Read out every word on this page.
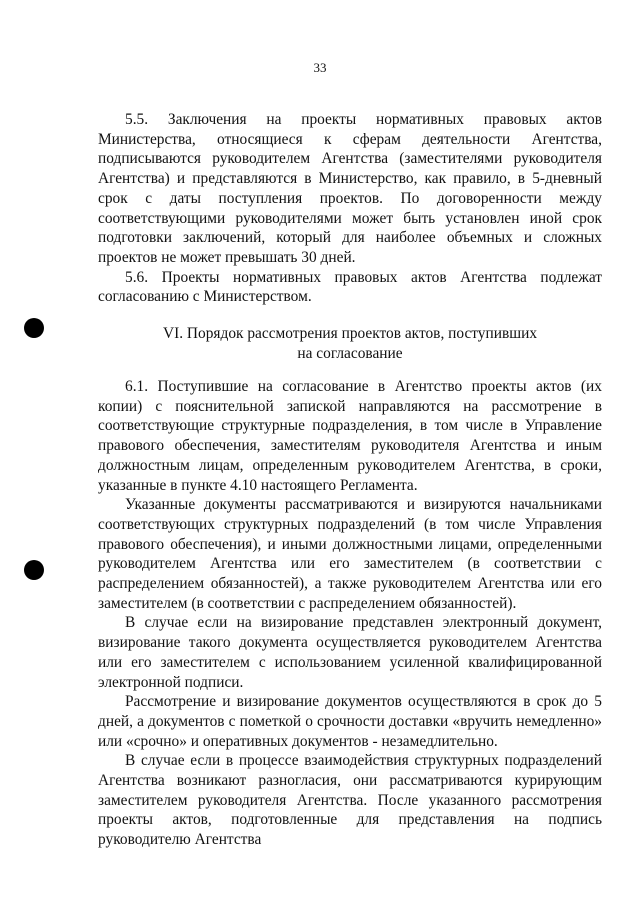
33

5.5. Заключения на проекты нормативных правовых актов Министерства, относящиеся к сферам деятельности Агентства, подписываются руководителем Агентства (заместителями руководителя Агентства) и представляются в Министерство, как правило, в 5-дневный срок с даты поступления проектов. По договоренности между соответствующими руководителями может быть установлен иной срок подготовки заключений, который для наиболее объемных и сложных проектов не может превышать 30 дней.

5.6. Проекты нормативных правовых актов Агентства подлежат согласованию с Министерством.

VI. Порядок рассмотрения проектов актов, поступивших
на согласование

6.1. Поступившие на согласование в Агентство проекты актов (их копии) с пояснительной запиской направляются на рассмотрение в соответствующие структурные подразделения, в том числе в Управление правового обеспечения, заместителям руководителя Агентства и иным должностным лицам, определенным руководителем Агентства, в сроки, указанные в пункте 4.10 настоящего Регламента.

Указанные документы рассматриваются и визируются начальниками соответствующих структурных подразделений (в том числе Управления правового обеспечения), и иными должностными лицами, определенными руководителем Агентства или его заместителем (в соответствии с распределением обязанностей), а также руководителем Агентства или его заместителем (в соответствии с распределением обязанностей).

В случае если на визирование представлен электронный документ, визирование такого документа осуществляется руководителем Агентства или его заместителем с использованием усиленной квалифицированной электронной подписи.

Рассмотрение и визирование документов осуществляются в срок до 5 дней, а документов с пометкой о срочности доставки «вручить немедленно» или «срочно» и оперативных документов - незамедлительно.

В случае если в процессе взаимодействия структурных подразделений Агентства возникают разногласия, они рассматриваются курирующим заместителем руководителя Агентства. После указанного рассмотрения проекты актов, подготовленные для представления на подпись руководителю Агентства
